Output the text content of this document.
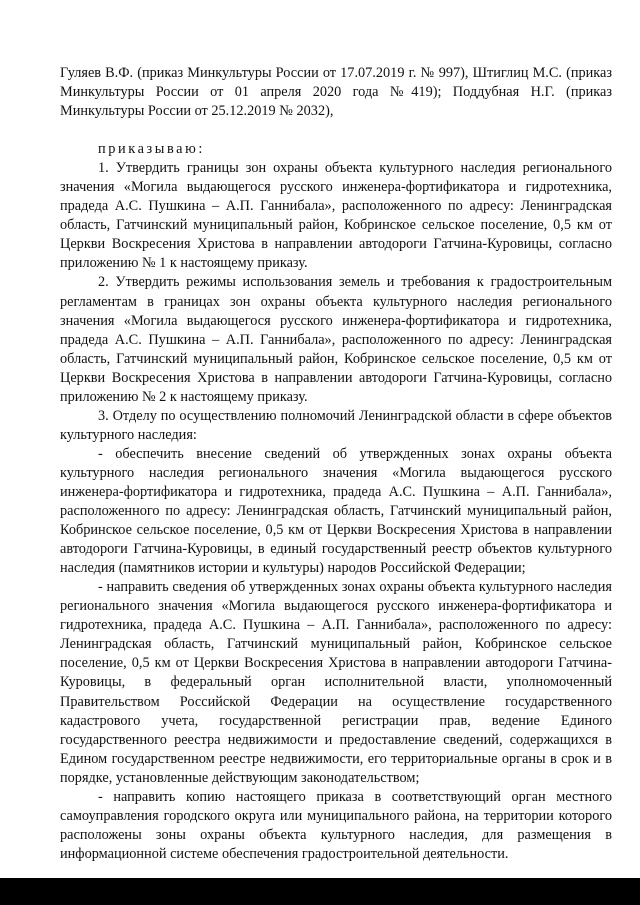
Гуляев В.Ф. (приказ Минкультуры России от 17.07.2019 г. № 997), Штиглиц М.С. (приказ Минкультуры России от 01 апреля 2020 года №419); Поддубная Н.Г. (приказ Минкультуры России от 25.12.2019 № 2032),

приказываю:

1. Утвердить границы зон охраны объекта культурного наследия регионального значения «Могила выдающегося русского инженера-фортификатора и гидротехника, прадеда А.С. Пушкина – А.П. Ганнибала», расположенного по адресу: Ленинградская область, Гатчинский муниципальный район, Кобринское сельское поселение, 0,5 км от Церкви Воскресения Христова в направлении автодороги Гатчина-Куровицы, согласно приложению № 1 к настоящему приказу.

2. Утвердить режимы использования земель и требования к градостроительным регламентам в границах зон охраны объекта культурного наследия регионального значения «Могила выдающегося русского инженера-фортификатора и гидротехника, прадеда А.С. Пушкина – А.П. Ганнибала», расположенного по адресу: Ленинградская область, Гатчинский муниципальный район, Кобринское сельское поселение, 0,5 км от Церкви Воскресения Христова в направлении автодороги Гатчина-Куровицы, согласно приложению № 2 к настоящему приказу.

3. Отделу по осуществлению полномочий Ленинградской области в сфере объектов культурного наследия:

- обеспечить внесение сведений об утвержденных зонах охраны объекта культурного наследия регионального значения «Могила выдающегося русского инженера-фортификатора и гидротехника, прадеда А.С. Пушкина – А.П. Ганнибала», расположенного по адресу: Ленинградская область, Гатчинский муниципальный район, Кобринское сельское поселение, 0,5 км от Церкви Воскресения Христова в направлении автодороги Гатчина-Куровицы, в единый государственный реестр объектов культурного наследия (памятников истории и культуры) народов Российской Федерации;

- направить сведения об утвержденных зонах охраны объекта культурного наследия регионального значения «Могила выдающегося русского инженера-фортификатора и гидротехника, прадеда А.С. Пушкина – А.П. Ганнибала», расположенного по адресу: Ленинградская область, Гатчинский муниципальный район, Кобринское сельское поселение, 0,5 км от Церкви Воскресения Христова в направлении автодороги Гатчина-Куровицы, в федеральный орган исполнительной власти, уполномоченный Правительством Российской Федерации на осуществление государственного кадастрового учета, государственной регистрации прав, ведение Единого государственного реестра недвижимости и предоставление сведений, содержащихся в Едином государственном реестре недвижимости, его территориальные органы в срок и в порядке, установленные действующим законодательством;

- направить копию настоящего приказа в соответствующий орган местного самоуправления городского округа или муниципального района, на территории которого расположены зоны охраны объекта культурного наследия, для размещения в информационной системе обеспечения градостроительной деятельности.
